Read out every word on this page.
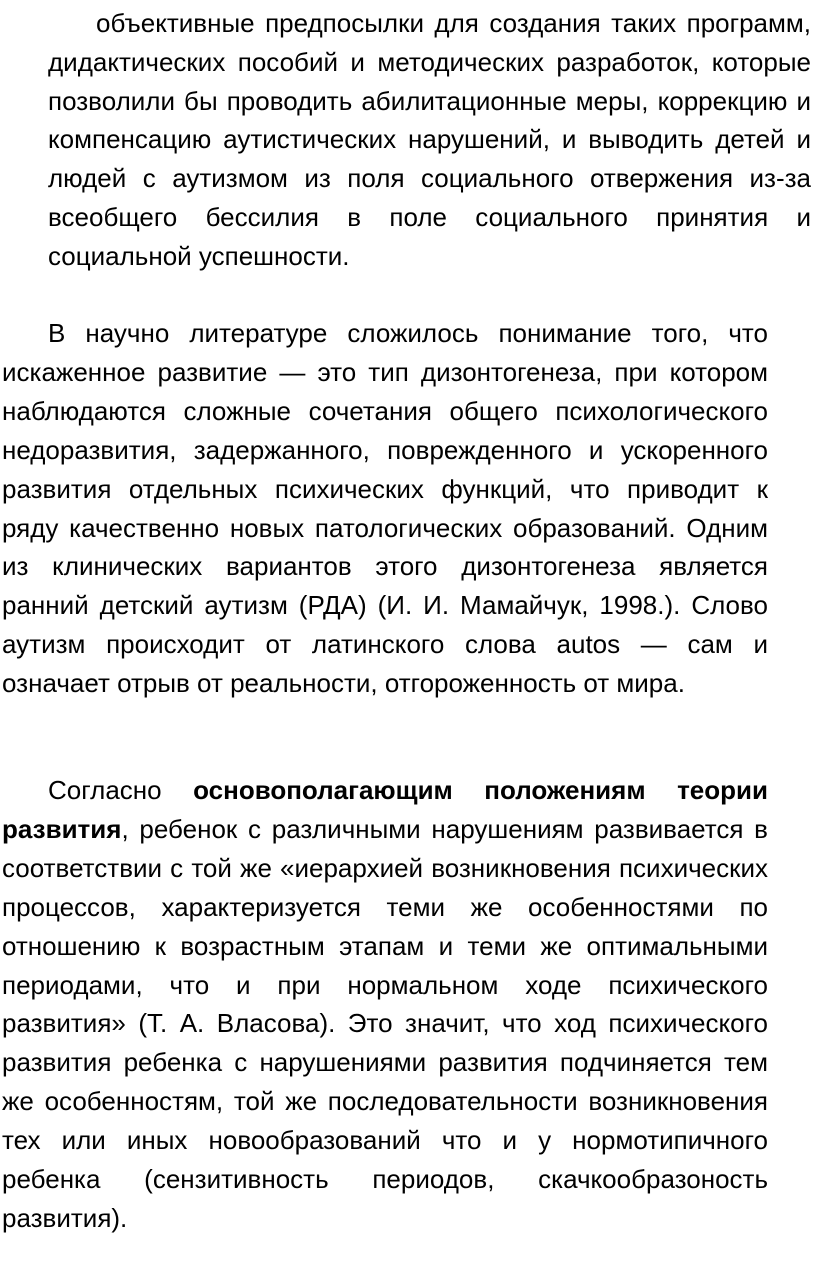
объективные предпосылки для создания таких программ, дидактических пособий и методических разработок, которые позволили бы проводить абилитационные меры, коррекцию и компенсацию аутистических нарушений, и выводить детей и людей с аутизмом из поля социального отвержения из-за всеобщего бессилия в поле социального принятия и социальной успешности.

В научно литературе сложилось понимание того, что искаженное развитие — это тип дизонтогенеза, при котором наблюдаются сложные сочетания общего психологического недоразвития, задержанного, поврежденного и ускоренного развития отдельных психических функций, что приводит к ряду качественно новых патологических образований. Одним из клинических вариантов этого дизонтогенеза является ранний детский аутизм (РДА) (И. И. Мамайчук, 1998.). Слово аутизм происходит от латинского слова autos — сам и означает отрыв от реальности, отгороженность от мира.

Согласно основополагающим положениям теории развития, ребенок с различными нарушениям развивается в соответствии с той же «иерархией возникновения психических процессов, характеризуется теми же особенностями по отношению к возрастным этапам и теми же оптимальными периодами, что и при нормальном ходе психического развития» (Т. А. Власова). Это значит, что ход психического развития ребенка с нарушениями развития подчиняется тем же особенностям, той же последовательности возникновения тех или иных новообразований что и у нормотипичного ребенка (сензитивность периодов, скачкообразоность развития).
